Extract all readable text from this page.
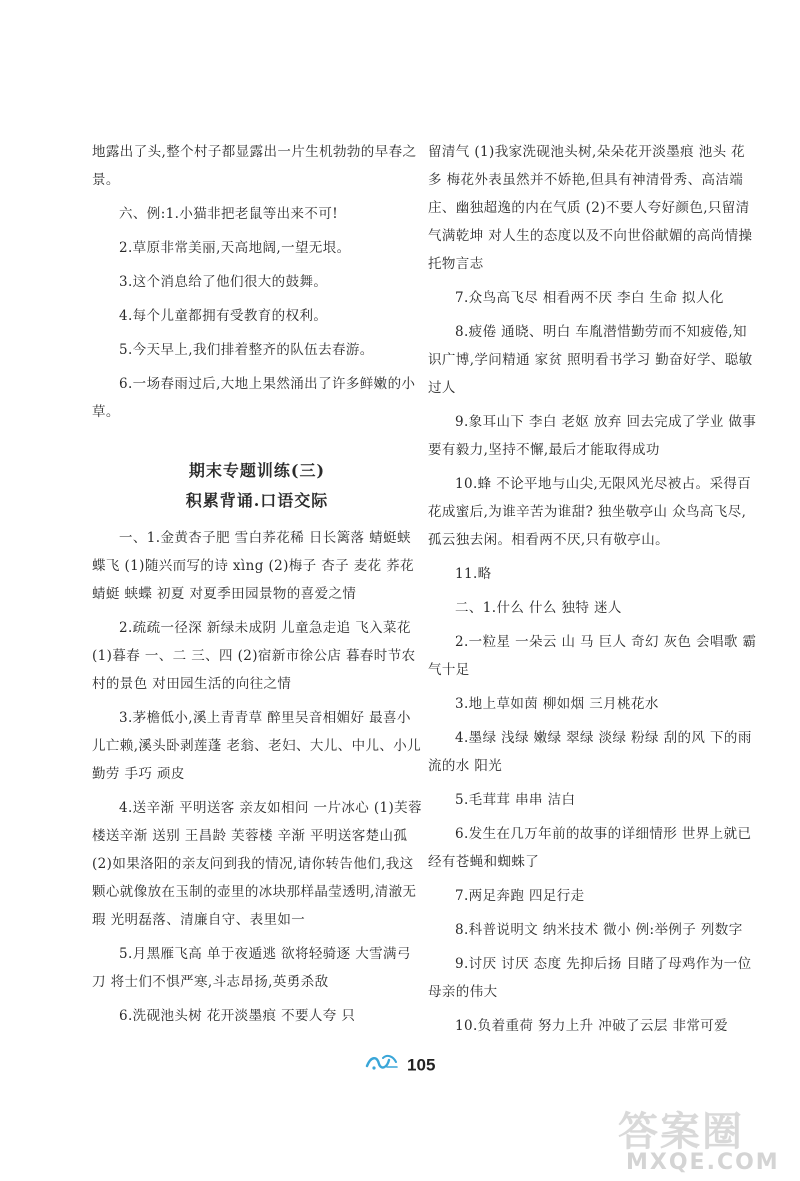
地露出了头,整个村子都显露出一片生机勃勃的早春之景。

六、例:1.小猫非把老鼠等出来不可!

2.草原非常美丽,天高地阔,一望无垠。

3.这个消息给了他们很大的鼓舞。

4.每个儿童都拥有受教育的权利。

5.今天早上,我们排着整齐的队伍去春游。

6.一场春雨过后,大地上果然涌出了许多鲜嫩的小草。

期末专题训练(三)
积累背诵.口语交际

一、1.金黄杏子肥 雪白荞花稀 日长篱落 蜻蜓蛱蝶飞 (1)随兴而写的诗 xìng (2)梅子 杏子 麦花 荞花 蜻蜓 蛱蝶 初夏 对夏季田园景物的喜爱之情

2.疏疏一径深 新绿未成阴 儿童急走追 飞入菜花 (1)暮春 一、二 三、四 (2)宿新市徐公店 暮春时节农村的景色 对田园生活的向往之情

3.茅檐低小,溪上青青草 醉里吴音相媚好 最喜小儿亡赖,溪头卧剥莲蓬 老翁、老妇、大儿、中儿、小儿 勤劳 手巧 顽皮

4.送辛渐 平明送客 亲友如相问 一片冰心 (1)芙蓉楼送辛渐 送别 王昌龄 芙蓉楼 辛渐 平明送客楚山孤 (2)如果洛阳的亲友问到我的情况,请你转告他们,我这颗心就像放在玉制的壶里的冰块那样晶莹透明,清澈无瑕 光明磊落、清廉自守、表里如一

5.月黑雁飞高 单于夜遁逃 欲将轻骑逐 大雪满弓刀 将士们不惧严寒,斗志昂扬,英勇杀敌

6.洗砚池头树 花开淡墨痕 不要人夸 只

留清气 (1)我家洗砚池头树,朵朵花开淡墨痕 池头 花多 梅花外表虽然并不娇艳,但具有神清骨秀、高洁端庄、幽独超逸的内在气质 (2)不要人夸好颜色,只留清气满乾坤 对人生的态度以及不向世俗献媚的高尚情操 托物言志

7.众鸟高飞尽 相看两不厌 李白 生命 拟人化

8.疲倦 通晓、明白 车胤潜惜勤劳而不知疲倦,知识广博,学问精通 家贫 照明看书学习 勤奋好学、聪敏过人

9.象耳山下 李白 老妪 放弃 回去完成了学业 做事要有毅力,坚持不懈,最后才能取得成功

10.蜂 不论平地与山尖,无限风光尽被占。采得百花成蜜后,为谁辛苦为谁甜? 独坐敬亭山 众鸟高飞尽,孤云独去闲。相看两不厌,只有敬亭山。

11.略

二、1.什么 什么 独特 迷人

2.一粒星 一朵云 山 马 巨人 奇幻 灰色 会唱歌 霸气十足

3.地上草如茵 柳如烟 三月桃花水

4.墨绿 浅绿 嫩绿 翠绿 淡绿 粉绿 刮的风 下的雨 流的水 阳光

5.毛茸茸 串串 洁白

6.发生在几万年前的故事的详细情形 世界上就已经有苍蝇和蜘蛛了

7.两足奔跑 四足行走

8.科普说明文 纳米技术 微小 例:举例子 列数字

9.讨厌 讨厌 态度 先抑后扬 目睹了母鸡作为一位母亲的伟大

10.负着重荷 努力上升 冲破了云层 非常可爱

105
答案圈
MXQE.COM
